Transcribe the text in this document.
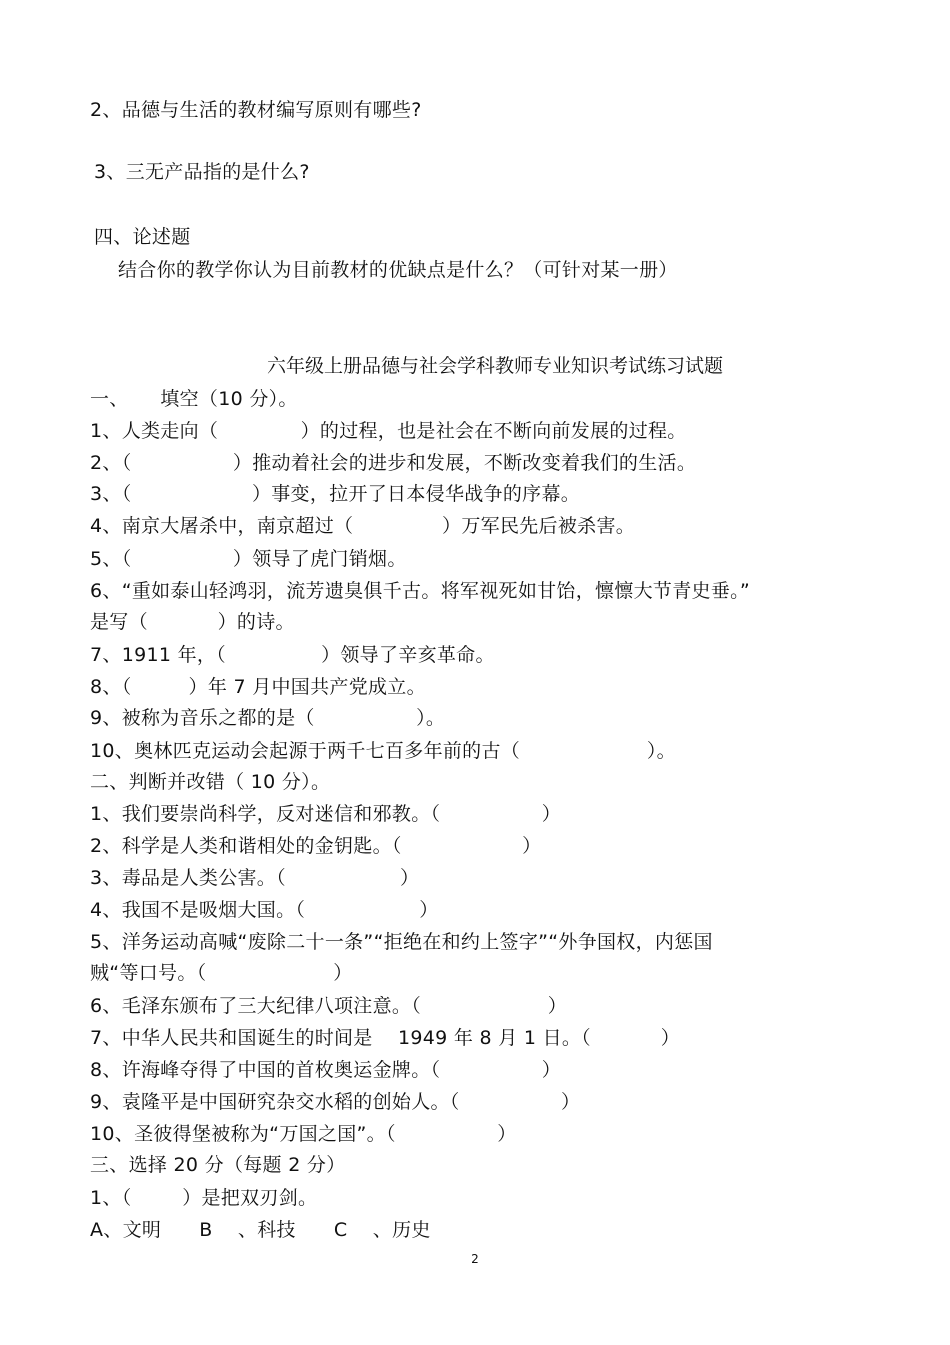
2、品德与生活的教材编写原则有哪些?
3、三无产品指的是什么?
四、论述题
结合你的教学你认为目前教材的优缺点是什么？（可针对某一册）
六年级上册品德与社会学科教师专业知识考试练习试题
一、     填空（10 分）。
1、人类走向（             ）的过程，也是社会在不断向前发展的过程。
2、（                ）推动着社会的进步和发展，不断改变着我们的生活。
3、（                   ）事变，拉开了日本侵华战争的序幕。
4、南京大屠杀中，南京超过（              ）万军民先后被杀害。
5、（                ）领导了虎门销烟。
6、“重如泰山轻鸿羽，流芳遗臭俱千古。将军视死如甘饴，懔懔大节青史垂。”
是写（           ）的诗。
7、1911 年，（               ）领导了辛亥革命。
8、（         ）年 7 月中国共产党成立。
9、被称为音乐之都的是（                ）。
10、奥林匹克运动会起源于两千七百多年前的古（                    ）。
二、判断并改错（ 10 分）。
1、我们要崇尚科学，反对迷信和邪教。（                ）
2、科学是人类和谐相处的金钥匙。（                   ）
3、毒品是人类公害。（                  ）
4、我国不是吸烟大国。（                  ）
5、洋务运动高喊“废除二十一条”“拒绝在和约上签字”“外争国权，内惩国
贼“等口号。（                    ）
6、毛泽东颁布了三大纪律八项注意。（                    ）
7、中华人民共和国诞生的时间是    1949 年 8 月 1 日。（           ）
8、许海峰夺得了中国的首枚奥运金牌。（                ）
9、袁隆平是中国研究杂交水稻的创始人。（                ）
10、圣彼得堡被称为“万国之国”。（                ）
三、选择 20 分（每题 2 分）
1、（        ）是把双刃剑。
A、文明      B    、科技      C    、历史
2
